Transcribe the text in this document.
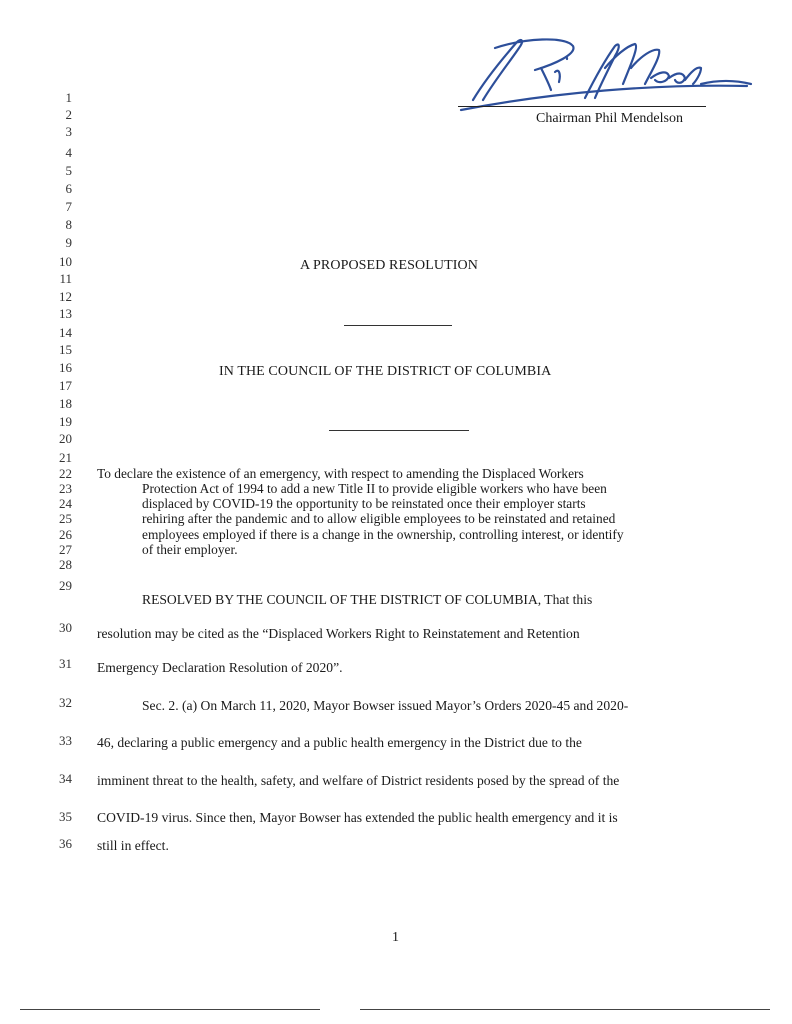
Chairman Phil Mendelson
1
2
3
4
5
6
7
8
9
10
11
12
13
14
15
16
17
18
19
20
21
22
23
24
25
26
27
28
29
30
31
32
33
34
35
36
A PROPOSED RESOLUTION
IN THE COUNCIL OF THE DISTRICT OF COLUMBIA
To declare the existence of an emergency, with respect to amending the Displaced Workers
Protection Act of 1994 to add a new Title II to provide eligible workers who have been
displaced by COVID-19 the opportunity to be reinstated once their employer starts
rehiring after the pandemic and to allow eligible employees to be reinstated and retained
employees employed if there is a change in the ownership, controlling interest, or identify
of their employer.
RESOLVED BY THE COUNCIL OF THE DISTRICT OF COLUMBIA, That this
resolution may be cited as the “Displaced Workers Right to Reinstatement and Retention
Emergency Declaration Resolution of 2020”.
Sec. 2. (a) On March 11, 2020, Mayor Bowser issued Mayor’s Orders 2020-45 and 2020-
46, declaring a public emergency and a public health emergency in the District due to the
imminent threat to the health, safety, and welfare of District residents posed by the spread of the
COVID-19 virus. Since then, Mayor Bowser has extended the public health emergency and it is
still in effect.
1
